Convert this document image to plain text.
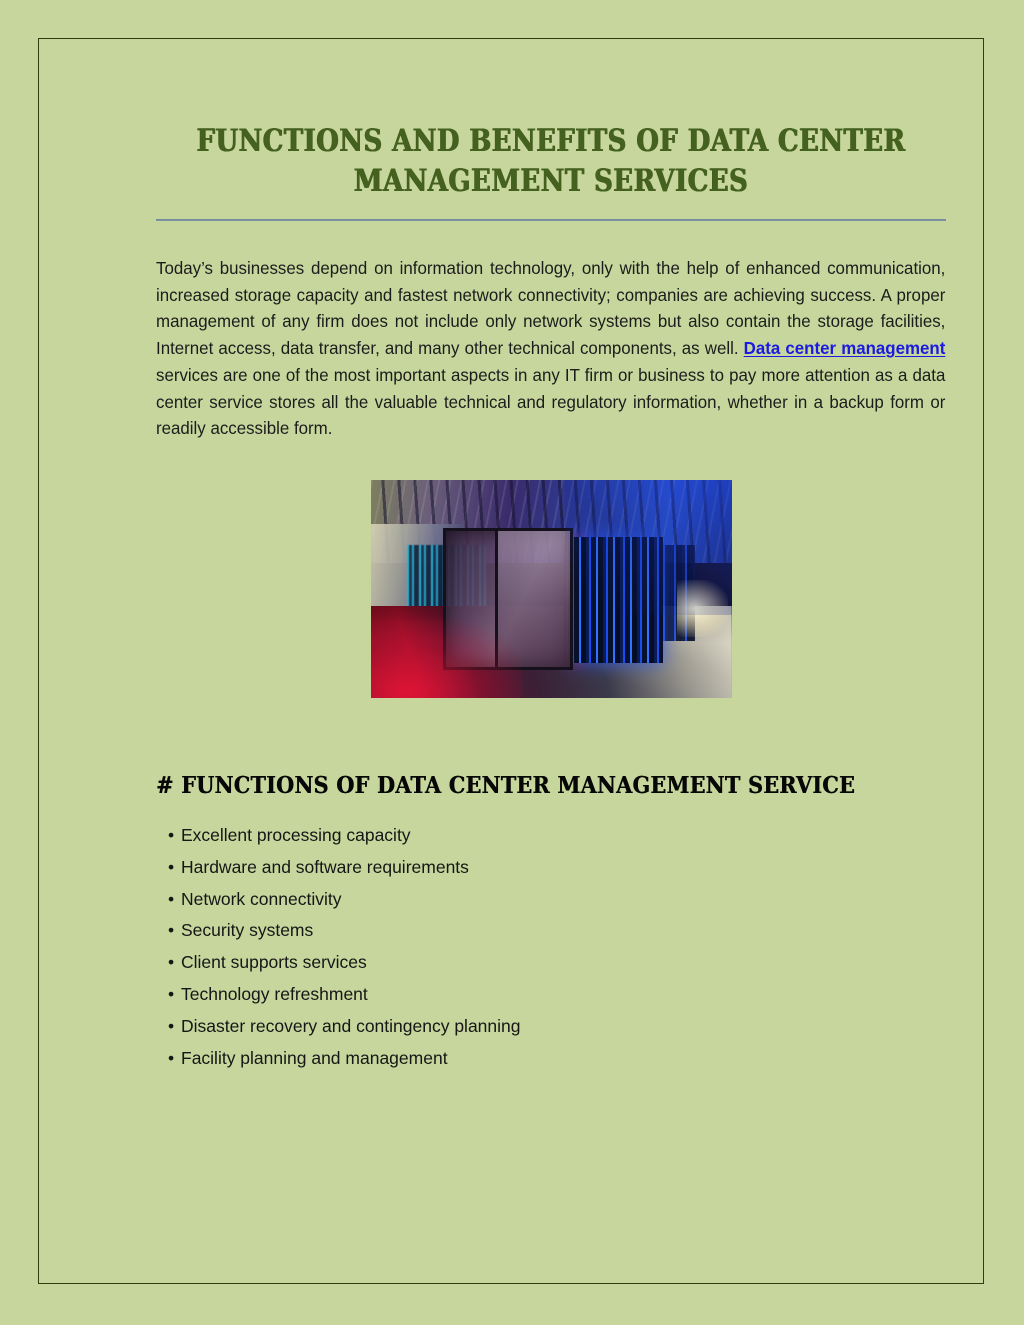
FUNCTIONS AND BENEFITS OF DATA CENTER
MANAGEMENT SERVICES

Today’s businesses depend on information technology, only with the help of enhanced communication, increased storage capacity and fastest network connectivity; companies are achieving success. A proper management of any firm does not include only network systems but also contain the storage facilities, Internet access, data transfer, and many other technical components, as well. Data center management services are one of the most important aspects in any IT firm or business to pay more attention as a data center service stores all the valuable technical and regulatory information, whether in a backup form or readily accessible form.

# FUNCTIONS OF DATA CENTER MANAGEMENT SERVICE
• Excellent processing capacity
• Hardware and software requirements
• Network connectivity
• Security systems
• Client supports services
• Technology refreshment
• Disaster recovery and contingency planning
• Facility planning and management
